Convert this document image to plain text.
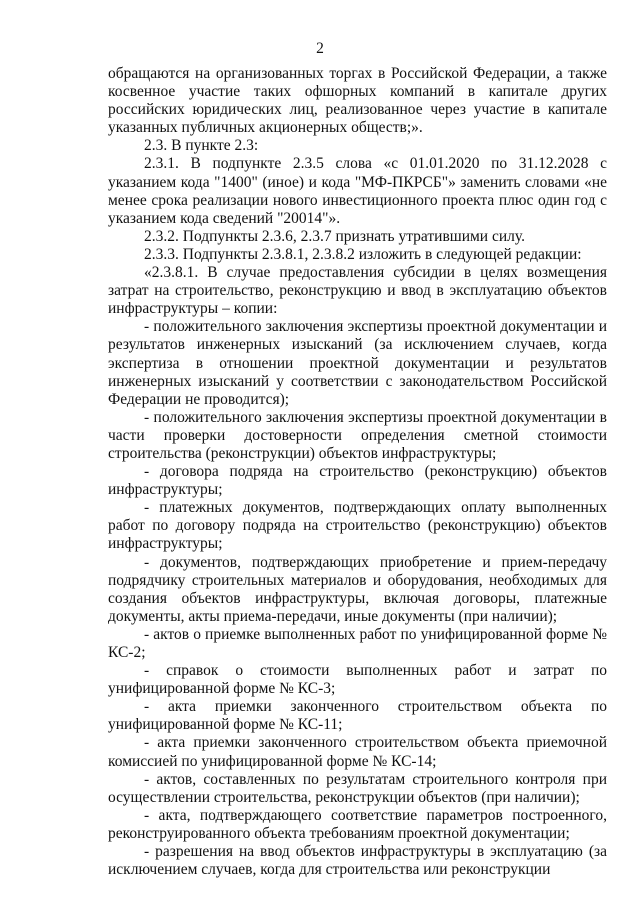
2

обращаются на организованных торгах в Российской Федерации, а также косвенное участие таких офшорных компаний в капитале других российских юридических лиц, реализованное через участие в капитале указанных публичных акционерных обществ;».

2.3. В пункте 2.3:

2.3.1. В подпункте 2.3.5 слова «с 01.01.2020 по 31.12.2028 с указанием кода "1400" (иное) и кода "МФ-ПКРСБ"» заменить словами «не менее срока реализации нового инвестиционного проекта плюс один год с указанием кода сведений "20014"».

2.3.2. Подпункты 2.3.6, 2.3.7 признать утратившими силу.

2.3.3. Подпункты 2.3.8.1, 2.3.8.2 изложить в следующей редакции:

«2.3.8.1. В случае предоставления субсидии в целях возмещения затрат на строительство, реконструкцию и ввод в эксплуатацию объектов инфраструктуры – копии:

- положительного заключения экспертизы проектной документации и результатов инженерных изысканий (за исключением случаев, когда экспертиза в отношении проектной документации и результатов инженерных изысканий у соответствии с законодательством Российской Федерации не проводится);

- положительного заключения экспертизы проектной документации в части проверки достоверности определения сметной стоимости строительства (реконструкции) объектов инфраструктуры;

- договора подряда на строительство (реконструкцию) объектов инфраструктуры;

- платежных документов, подтверждающих оплату выполненных работ по договору подряда на строительство (реконструкцию) объектов инфраструктуры;

- документов, подтверждающих приобретение и прием-передачу подрядчику строительных материалов и оборудования, необходимых для создания объектов инфраструктуры, включая договоры, платежные документы, акты приема-передачи, иные документы (при наличии);

- актов о приемке выполненных работ по унифицированной форме № КС-2;

- справок о стоимости выполненных работ и затрат по унифицированной форме № КС-3;

- акта приемки законченного строительством объекта по унифицированной форме № КС-11;

- акта приемки законченного строительством объекта приемочной комиссией по унифицированной форме № КС-14;

- актов, составленных по результатам строительного контроля при осуществлении строительства, реконструкции объектов (при наличии);

- акта, подтверждающего соответствие параметров построенного, реконструированного объекта требованиям проектной документации;

- разрешения на ввод объектов инфраструктуры в эксплуатацию (за исключением случаев, когда для строительства или реконструкции
